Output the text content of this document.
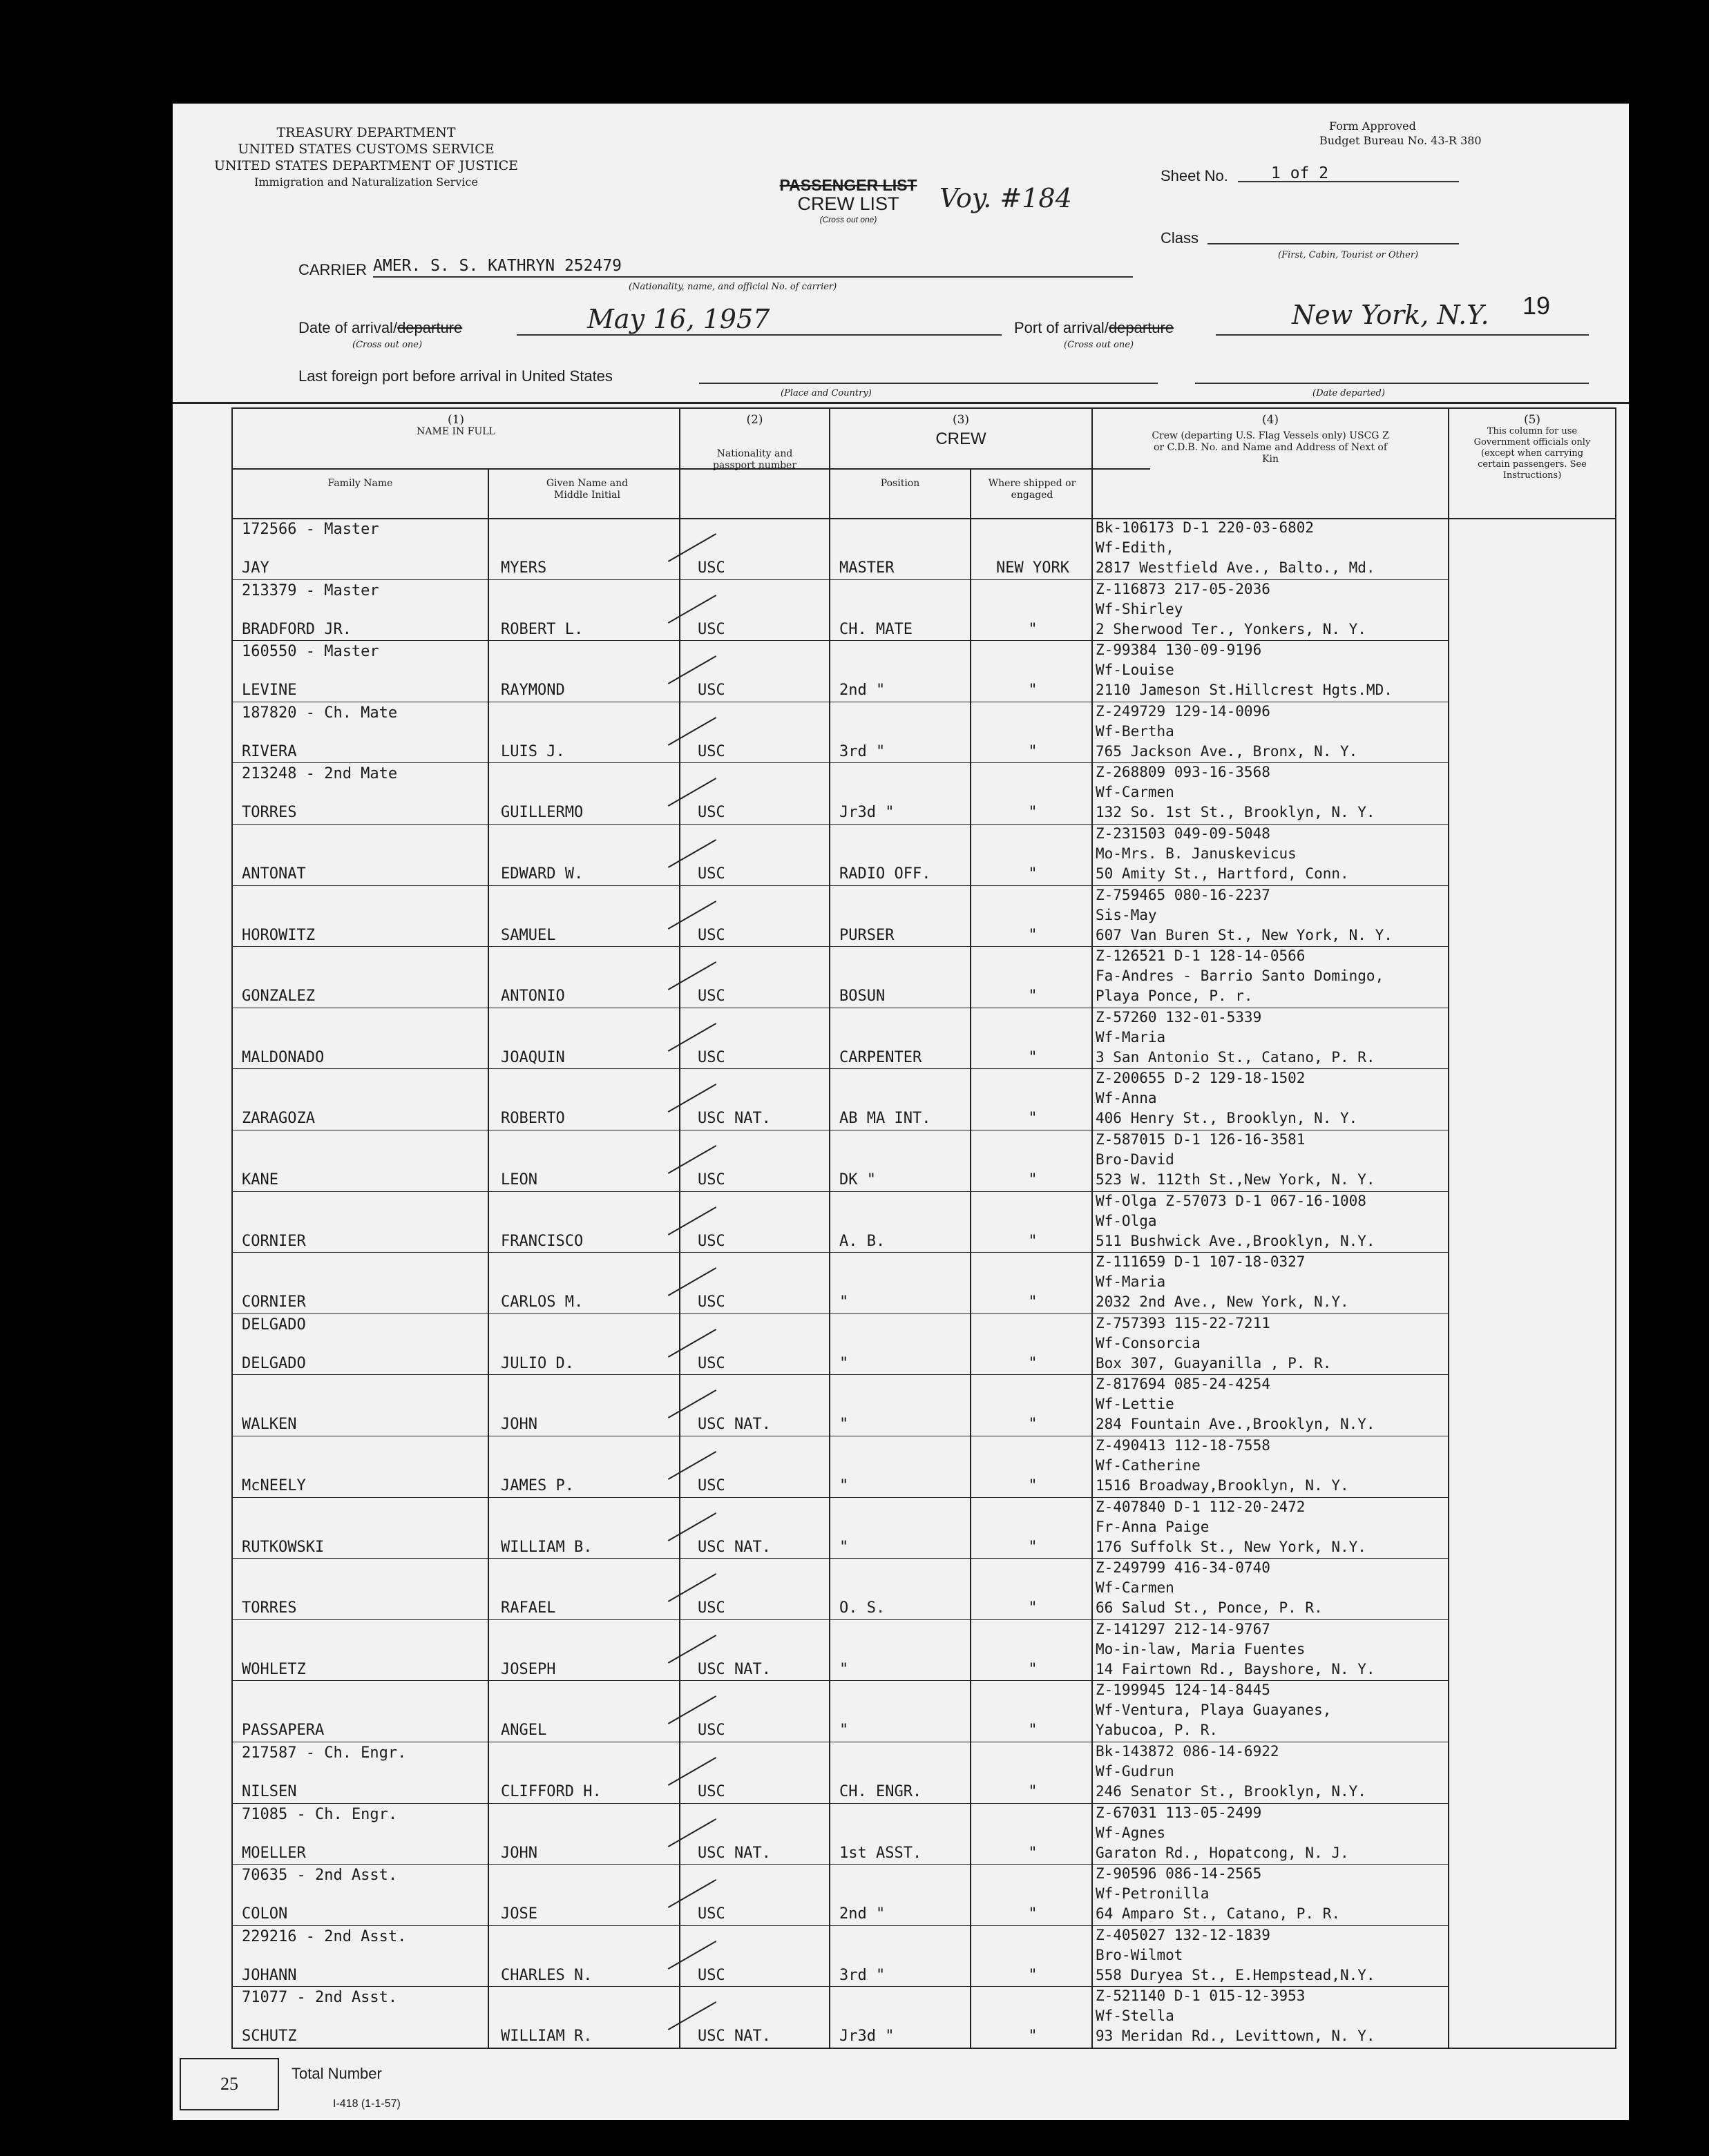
TREASURY DEPARTMENT
UNITED STATES CUSTOMS SERVICE
UNITED STATES DEPARTMENT OF JUSTICE
Immigration and Naturalization Service
Form Approved
Budget Bureau No. 43-R 380
PASSENGER LIST
CREW LIST
(Cross out one)
Voy. #184
Sheet No.	1 of 2
Class
(First, Cabin, Tourist or Other)
CARRIER AMER. S. S. KATHRYN 252479
(Nationality, name, and official No. of carrier)
19
Date of arrival/departure	May 16, 1957
(Cross out one)
Port of arrival/departure	New York, N.Y.
(Cross out one)
Last foreign port before arrival in United States
(Place and Country)	(Date departed)
(1)
NAME IN FULL
Family Name	Given Name and Middle Initial
(2)
Nationality and passport number
(3)
CREW
Position	Where shipped or engaged
(4)
Crew (departing U.S. Flag Vessels only) USCG Z or C.D.B. No. and Name and Address of Next of Kin
(5)
This column for use Government officials only (except when carrying certain passengers. See Instructions)
172566 - Master
JAY	MYERS	USC	MASTER	NEW YORK
Bk-106173 D-1 220-03-6802
Wf-Edith,
2817 Westfield Ave., Balto., Md.
213379 - Master
BRADFORD JR.	ROBERT L.	USC	CH. MATE	"
Z-116873 217-05-2036
Wf-Shirley
2 Sherwood Ter., Yonkers, N. Y.
160550 - Master
LEVINE	RAYMOND	USC	2nd "	"
Z-99384 130-09-9196
Wf-Louise
2110 Jameson St.Hillcrest Hgts.MD.
187820 - Ch. Mate
RIVERA	LUIS J.	USC	3rd "	"
Z-249729 129-14-0096
Wf-Bertha
765 Jackson Ave., Bronx, N. Y.
213248 - 2nd Mate
TORRES	GUILLERMO	USC	Jr3d "	"
Z-268809 093-16-3568
Wf-Carmen
132 So. 1st St., Brooklyn, N. Y.
ANTONAT	EDWARD W.	USC	RADIO OFF.	"
Z-231503 049-09-5048
Mo-Mrs. B. Januskevicus
50 Amity St., Hartford, Conn.
HOROWITZ	SAMUEL	USC	PURSER	"
Z-759465 080-16-2237
Sis-May
607 Van Buren St., New York, N. Y.
GONZALEZ	ANTONIO	USC	BOSUN	"
Z-126521 D-1 128-14-0566
Fa-Andres - Barrio Santo Domingo,
Playa Ponce, P. r.
MALDONADO	JOAQUIN	USC	CARPENTER	"
Z-57260 132-01-5339
Wf-Maria
3 San Antonio St., Catano, P. R.
ZARAGOZA	ROBERTO	USC NAT.	AB MA INT.	"
Z-200655 D-2 129-18-1502
Wf-Anna
406 Henry St., Brooklyn, N. Y.
KANE	LEON	USC	DK "	"
Z-587015 D-1 126-16-3581
Bro-David
523 W. 112th St.,New York, N. Y.
CORNIER	FRANCISCO	USC	A. B.	"
Wf-Olga Z-57073 D-1 067-16-1008
Wf-Olga
511 Bushwick Ave.,Brooklyn, N.Y.
CORNIER	CARLOS M.	USC	"	"
Z-111659 D-1 107-18-0327
Wf-Maria
2032 2nd Ave., New York, N.Y.
DELGADO
DELGADO	JULIO D.	USC	"	"
Z-757393 115-22-7211
Wf-Consorcia
Box 307, Guayanilla , P. R.
WALKEN	JOHN	USC NAT.	"	"
Z-817694 085-24-4254
Wf-Lettie
284 Fountain Ave.,Brooklyn, N.Y.
McNEELY	JAMES P.	USC	"	"
Z-490413 112-18-7558
Wf-Catherine
1516 Broadway,Brooklyn, N. Y.
RUTKOWSKI	WILLIAM B.	USC NAT.	"	"
Z-407840 D-1 112-20-2472
Fr-Anna Paige
176 Suffolk St., New York, N.Y.
TORRES	RAFAEL	USC	O. S.	"
Z-249799 416-34-0740
Wf-Carmen
66 Salud St., Ponce, P. R.
WOHLETZ	JOSEPH	USC NAT.	"	"
Z-141297 212-14-9767
Mo-in-law, Maria Fuentes
14 Fairtown Rd., Bayshore, N. Y.
PASSAPERA	ANGEL	USC	"	"
Z-199945 124-14-8445
Wf-Ventura, Playa Guayanes,
Yabucoa, P. R.
217587 - Ch. Engr.
NILSEN	CLIFFORD H.	USC	CH. ENGR.	"
Bk-143872 086-14-6922
Wf-Gudrun
246 Senator St., Brooklyn, N.Y.
71085 - Ch. Engr.
MOELLER	JOHN	USC NAT.	1st ASST.	"
Z-67031 113-05-2499
Wf-Agnes
Garaton Rd., Hopatcong, N. J.
70635 - 2nd Asst.
COLON	JOSE	USC	2nd "	"
Z-90596 086-14-2565
Wf-Petronilla
64 Amparo St., Catano, P. R.
229216 - 2nd Asst.
JOHANN	CHARLES N.	USC	3rd "	"
Z-405027 132-12-1839
Bro-Wilmot
558 Duryea St., E.Hempstead,N.Y.
71077 - 2nd Asst.
SCHUTZ	WILLIAM R.	USC NAT.	Jr3d "	"
Z-521140 D-1 015-12-3953
Wf-Stella
93 Meridan Rd., Levittown, N. Y.
25
Total Number
I-418 (1-1-57)
